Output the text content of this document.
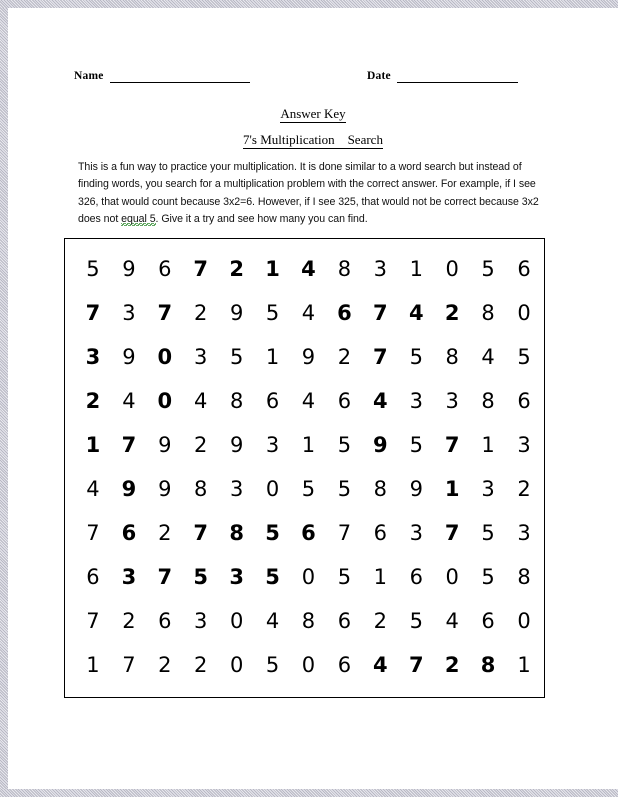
Name	Date
Answer Key
7's Multiplication    Search
This is a fun way to practice your multiplication. It is done similar to a word search but instead of finding words, you search for a multiplication problem with the correct answer. For example, if I see 326, that would count because 3x2=6. However, if I see 325, that would not be correct because 3x2 does not equal 5. Give it a try and see how many you can find.
5	9	6	7	2	1	4	8	3	1	0	5	6
7	3	7	2	9	5	4	6	7	4	2	8	0
3	9	0	3	5	1	9	2	7	5	8	4	5
2	4	0	4	8	6	4	6	4	3	3	8	6
1	7	9	2	9	3	1	5	9	5	7	1	3
4	9	9	8	3	0	5	5	8	9	1	3	2
7	6	2	7	8	5	6	7	6	3	7	5	3
6	3	7	5	3	5	0	5	1	6	0	5	8
7	2	6	3	0	4	8	6	2	5	4	6	0
1	7	2	2	0	5	0	6	4	7	2	8	1
